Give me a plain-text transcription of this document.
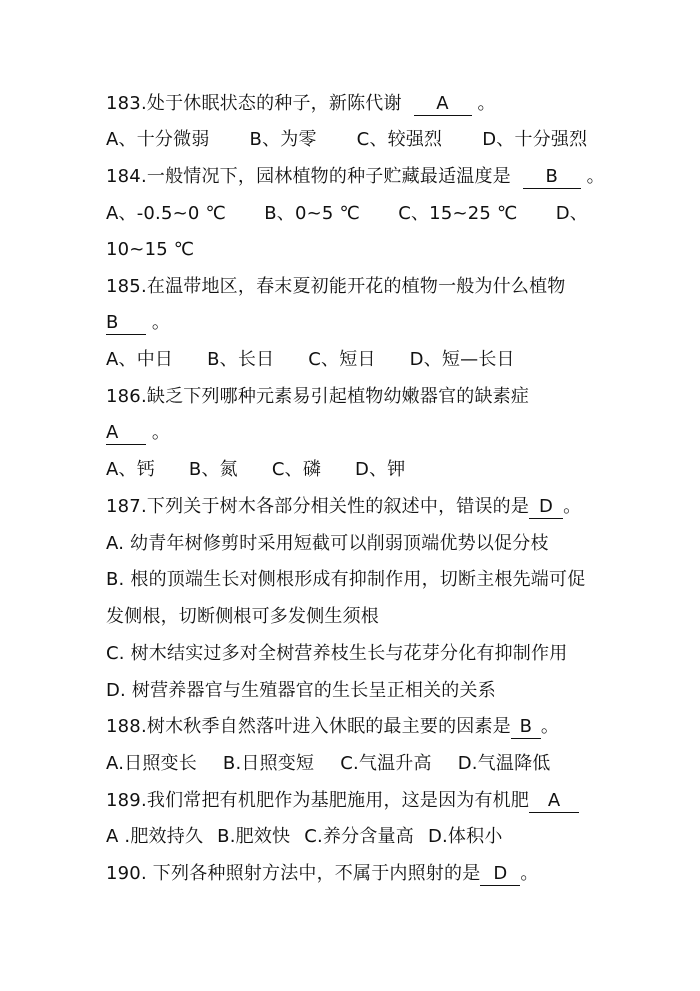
183.处于休眠状态的种子，新陈代谢 A 。
A、十分微弱 B、为零 C、较强烈 D、十分强烈
184.一般情况下，园林植物的种子贮藏最适温度是 B 。
A、-0.5~0 ℃ B、0~5 ℃ C、15~25 ℃ D、
10~15 ℃
185.在温带地区，春末夏初能开花的植物一般为什么植物
B 。
A、中日 B、长日 C、短日 D、短—长日
186.缺乏下列哪种元素易引起植物幼嫩器官的缺素症
A 。
A、钙 B、氮 C、磷 D、钾
187.下列关于树木各部分相关性的叙述中，错误的是 D 。
A. 幼青年树修剪时采用短截可以削弱顶端优势以促分枝
B. 根的顶端生长对侧根形成有抑制作用，切断主根先端可促
发侧根，切断侧根可多发侧生须根
C. 树木结实过多对全树营养枝生长与花芽分化有抑制作用
D. 树营养器官与生殖器官的生长呈正相关的关系
188.树木秋季自然落叶进入休眠的最主要的因素是 B 。
A.日照变长 B.日照变短 C.气温升高 D.气温降低
189.我们常把有机肥作为基肥施用，这是因为有机肥 A
A .肥效持久 B.肥效快 C.养分含量高 D.体积小
190. 下列各种照射方法中，不属于内照射的是 D 。
